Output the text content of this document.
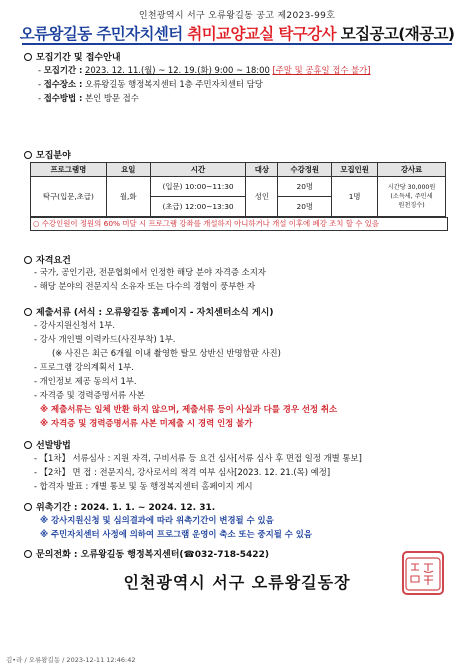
인천광역시 서구 오류왕길동 공고 제2023-99호
오류왕길동 주민자치센터 취미교양교실 탁구강사 모집공고(재공고)
모집기간 및 접수안내
- 모집기간 : 2023. 12. 11.(월) ~ 12. 19.(화) 9:00 ~ 18:00 [주말 및 공휴일 접수 불가]
- 접수장소 : 오류왕길동 행정복지센터 1층 주민자치센터 담당
- 접수방법 : 본인 방문 접수
모집분야
프로그램명	요일	시간	대상	수강정원	모집인원	강사료
탁구(입문,초급)	월,화	(입문) 10:00~11:30	성인	20명	1명	시간당 30,000원
(소득세, 주민세
원천징수)

		(초급) 12:00~13:30		20명		
○ 수강인원이 정원의 60% 미달 시 프로그램 강좌를 개설하지 아니하거나 개설 이후에 폐강 조치 할 수 있음
자격요건
- 국가, 공인기관, 전문협회에서 인정한 해당 분야 자격증 소지자
- 해당 분야의 전문지식 소유자 또는 다수의 경험이 풍부한 자
제출서류 (서식 : 오류왕길동 홈페이지 - 자치센터소식 게시)
- 강사지원신청서 1부.
- 강사 개인별 이력카드(사진부착) 1부.
(※ 사진은 최근 6개월 이내 촬영한 탈모 상반신 반명함판 사진)
- 프로그램 강의계획서 1부.
- 개인정보 제공 동의서 1부.
- 자격증 및 경력증명서류 사본
※ 제출서류는 일체 반환 하지 않으며, 제출서류 등이 사실과 다를 경우 선정 취소
※ 자격증 및 경력증명서류 사본 미제출 시 경력 인정 불가
선발방법
- 【1차】 서류심사 : 지원 자격, 구비서류 등 요건 심사[서류 심사 후 면접 일정 개별 통보]
- 【2차】 면 접 : 전문지식, 강사로서의 적격 여부 심사[2023. 12. 21.(목) 예정]
- 합격자 발표 : 개별 통보 및 동 행정복지센터 홈페이지 게시
위촉기간 : 2024. 1. 1. ~ 2024. 12. 31.
※ 강사지원신청 및 심의결과에 따라 위촉기간이 변경될 수 있음
※ 주민자치센터 사정에 의하여 프로그램 운영이 축소 또는 중지될 수 있음
문의전화 : 오류왕길동 행정복지센터(☎032-718-5422)
인천광역시 서구 오류왕길동장
김•라 / 오류왕길동 / 2023-12-11 12:46:42
